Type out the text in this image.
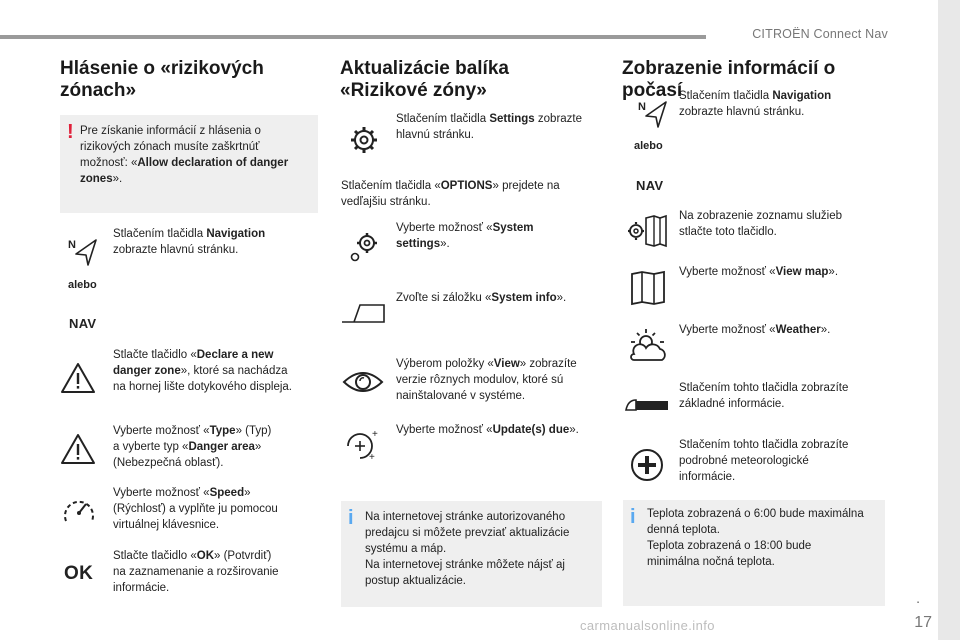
CITROËN Connect Nav
.
17
carmanualsonline.info
Hlásenie o «rizikových
zónach»
! Pre získanie informácií z hlásenia o
rizikových zónach musíte zaškrtnúť
možnosť: «Allow declaration of danger
zones».

N
Stlačením tlačidla Navigation
zobrazte hlavnú stránku.
alebo
NAV
Stlačte tlačidlo «Declare a new
danger zone», ktoré sa nachádza
na hornej lište dotykového displeja.
Vyberte možnosť «Type» (Typ)
a vyberte typ «Danger area»
(Nebezpečná oblasť).
Vyberte možnosť «Speed»
(Rýchlosť) a vyplňte ju pomocou
virtuálnej klávesnice.
OK
Stlačte tlačidlo «OK» (Potvrdiť)
na zaznamenanie a rozširovanie
informácie.
Aktualizácie balíka
«Rizikové zóny»
Stlačením tlačidla Settings zobrazte
hlavnú stránku.
Stlačením tlačidla «OPTIONS» prejdete na
vedľajšiu stránku.
Vyberte možnosť «System
settings».
Zvoľte si záložku «System info».
Výberom položky «View» zobrazíte
verzie rôznych modulov, ktoré sú
nainštalované v systéme.
+
+
Vyberte možnosť «Update(s) due».
i Na internetovej stránke autorizovaného
predajcu si môžete prevziať aktualizácie
systému a máp.
Na internetovej stránke môžete nájsť aj
postup aktualizácie.

Zobrazenie informácií o počasí
N
Stlačením tlačidla Navigation
zobrazte hlavnú stránku.
alebo
NAV
Na zobrazenie zoznamu služieb
stlačte toto tlačidlo.
Vyberte možnosť «View map».
Vyberte možnosť «Weather».
Stlačením tohto tlačidla zobrazíte
základné informácie.
Stlačením tohto tlačidla zobrazíte
podrobné meteorologické
informácie.
i Teplota zobrazená o 6:00 bude maximálna
denná teplota.
Teplota zobrazená o 18:00 bude
minimálna nočná teplota.
